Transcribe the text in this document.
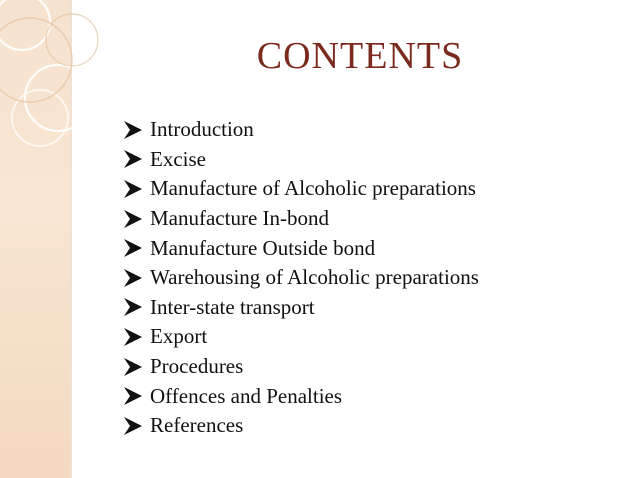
CONTENTS
Introduction
Excise
Manufacture of Alcoholic preparations
Manufacture In-bond
Manufacture Outside bond
Warehousing of Alcoholic preparations
Inter-state transport
Export
Procedures
Offences and Penalties
References
